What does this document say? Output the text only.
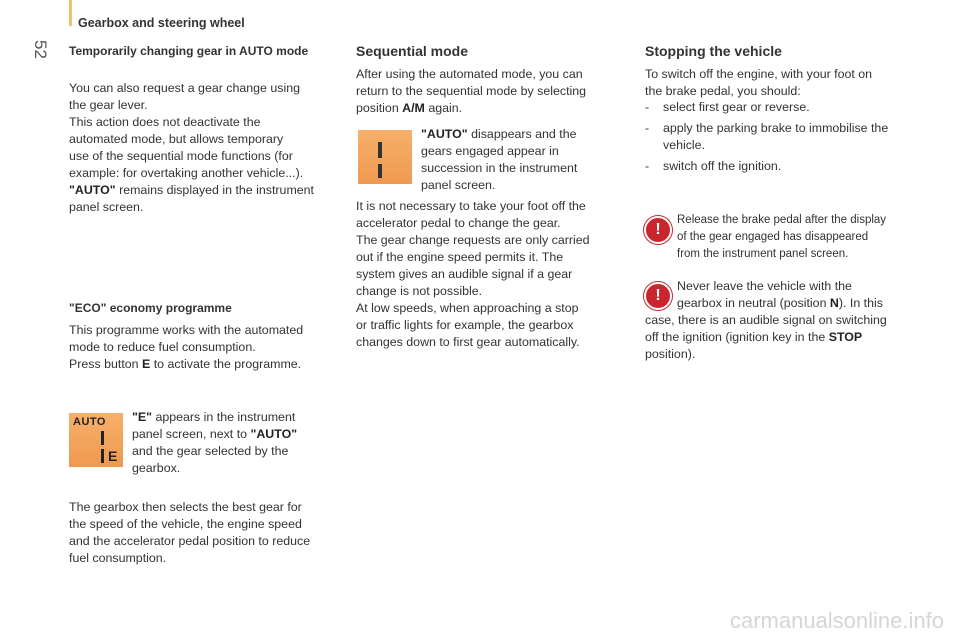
Gearbox and steering wheel
52 Temporarily changing gear in AUTO mode
You can also request a gear change using
the gear lever.
This action does not deactivate the
automated mode, but allows temporary
use of the sequential mode functions (for
example: for overtaking another vehicle...).
"AUTO" remains displayed in the instrument
panel screen.
"ECO" economy programme
This programme works with the automated
mode to reduce fuel consumption.
Press button E to activate the programme.
AUTO
E
"E" appears in the instrument
panel screen, next to "AUTO"
and the gear selected by the
gearbox.
The gearbox then selects the best gear for
the speed of the vehicle, the engine speed
and the accelerator pedal position to reduce
fuel consumption.
Sequential mode
After using the automated mode, you can
return to the sequential mode by selecting
position A/M again.
"AUTO" disappears and the
gears engaged appear in
succession in the instrument
panel screen.
It is not necessary to take your foot off the
accelerator pedal to change the gear.
The gear change requests are only carried
out if the engine speed permits it. The
system gives an audible signal if a gear
change is not possible.
At low speeds, when approaching a stop
or traffic lights for example, the gearbox
changes down to first gear automatically.
Stopping the vehicle
To switch off the engine, with your foot on
the brake pedal, you should:
-	select first gear or reverse.
-	apply the parking brake to immobilise the
vehicle.
-	switch off the ignition.
!
Release the brake pedal after the display
of the gear engaged has disappeared
from the instrument panel screen.
!
Never leave the vehicle with the
gearbox in neutral (position N). In this
case, there is an audible signal on switching
off the ignition (ignition key in the STOP
position).
carmanualsonline.info
